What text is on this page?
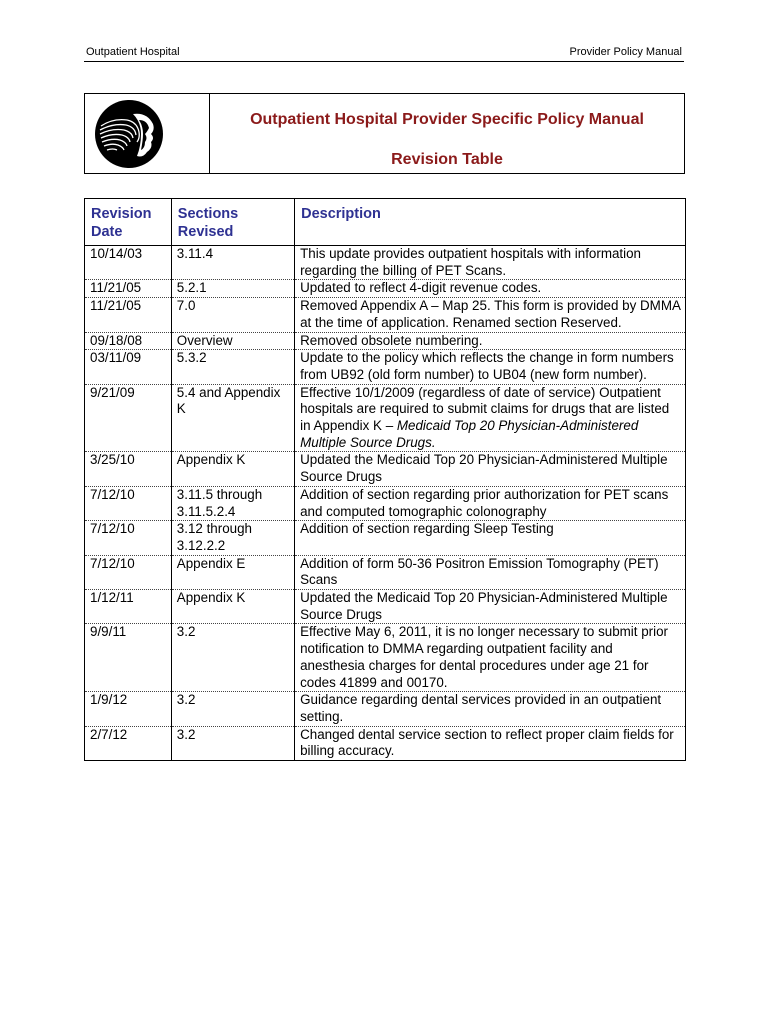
Outpatient Hospital	Provider Policy Manual
Outpatient Hospital Provider Specific Policy Manual
Revision Table
Revision Date	Sections Revised	Description
10/14/03	3.11.4	This update provides outpatient hospitals with information regarding the billing of PET Scans.
11/21/05	5.2.1	Updated to reflect 4-digit revenue codes.
11/21/05	7.0	Removed Appendix A – Map 25. This form is provided by DMMA at the time of application. Renamed section Reserved.
09/18/08	Overview	Removed obsolete numbering.
03/11/09	5.3.2	Update to the policy which reflects the change in form numbers from UB92 (old form number) to UB04 (new form number).
9/21/09	5.4 and Appendix K	Effective 10/1/2009 (regardless of date of service) Outpatient hospitals are required to submit claims for drugs that are listed in Appendix K – Medicaid Top 20 Physician-Administered Multiple Source Drugs.
3/25/10	Appendix K	Updated the Medicaid Top 20 Physician-Administered Multiple Source Drugs
7/12/10	3.11.5 through 3.11.5.2.4	Addition of section regarding prior authorization for PET scans and computed tomographic colonography
7/12/10	3.12 through 3.12.2.2	Addition of section regarding Sleep Testing
7/12/10	Appendix E	Addition of form 50-36 Positron Emission Tomography (PET) Scans
1/12/11	Appendix K	Updated the Medicaid Top 20 Physician-Administered Multiple Source Drugs
9/9/11	3.2	Effective May 6, 2011, it is no longer necessary to submit prior notification to DMMA regarding outpatient facility and anesthesia charges for dental procedures under age 21 for codes 41899 and 00170.
1/9/12	3.2	Guidance regarding dental services provided in an outpatient setting.
2/7/12	3.2	Changed dental service section to reflect proper claim fields for billing accuracy.
